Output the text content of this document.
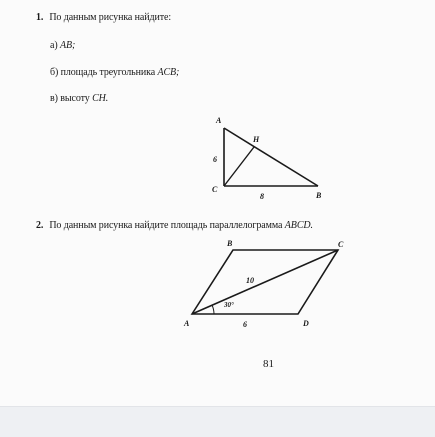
1. По данным рисунка найдите:
а) AB;
б) площадь треугольника ACB;
в) высоту CH.
A
H
C
B
6
8
2. По данным рисунка найдите площадь параллелограмма ABCD.
B	C
A	D
10
30°
6
81
